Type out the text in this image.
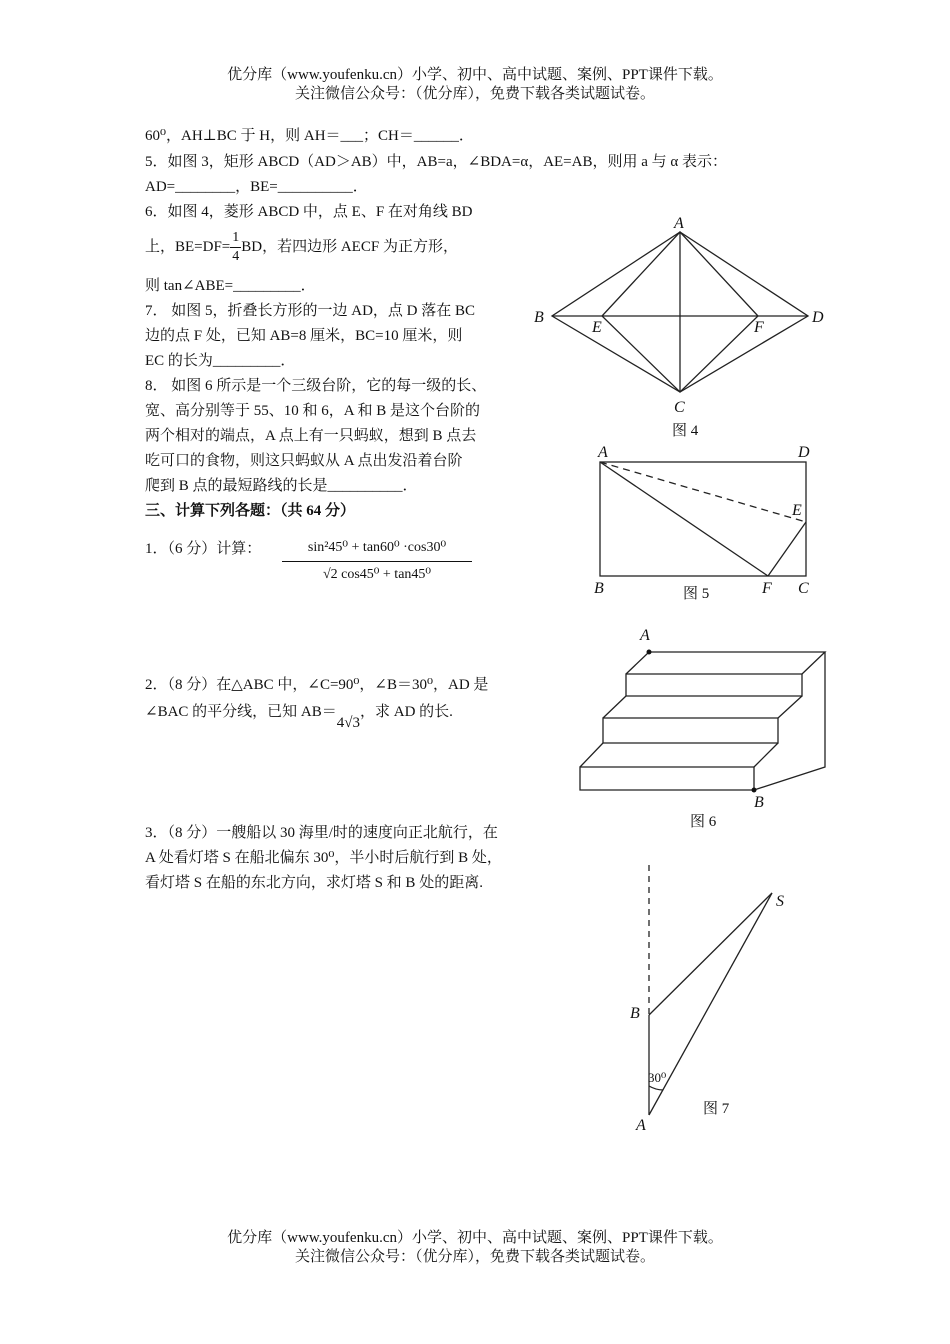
优分库（www.youfenku.cn）小学、初中、高中试题、案例、PPT课件下载。
关注微信公众号：（优分库），免费下载各类试题试卷。
60⁰，AH⊥BC 于 H，则 AH＝___；CH＝______．
5．如图 3，矩形 ABCD（AD＞AB）中，AB=a，∠BDA=α，AE=AB，则用 a 与 α 表示：
AD=________，BE=__________．
6．如图 4，菱形 ABCD 中，点 E、F 在对角线 BD
上，$BE=DF= \frac{1}{4}$ BD，若四边形 AECF 为正方形，
则 tan∠ABE=_________．
7． 如图 5，折叠长方形的一边 AD，点 D 落在 BC
边的点 F 处，已知 AB=8 厘米，BC=10 厘米，则
EC 的长为_________．
8． 如图 6 所示是一个三级台阶，它的每一级的长、
宽、高分别等于 55、10 和 6，A 和 B 是这个台阶的
两个相对的端点，A 点上有一只蚂蚁，想到 B 点去
吃可口的食物，则这只蚂蚁从 A 点出发沿着台阶
爬到 B 点的最短路线的长是__________．
三、计算下列各题：（共 64 分）
1．（6 分）计算： $\frac{\text{sin²45⁰ + tan60⁰ ·cos30⁰}}{\text{√2 cos45⁰ + tan45⁰}}$
2．（8 分）在△ABC 中，∠C=90⁰，∠B＝30⁰，AD 是
∠BAC 的平分线，已知 AB＝4√3，求 AD 的长.
3．（8 分）一艘船以 30 海里/时的速度向正北航行，在
A 处看灯塔 S 在船北偏东 30⁰，半小时后航行到 B 处，
看灯塔 S 在船的东北方向，求灯塔 S 和 B 处的距离.
A
B	D
E	F
C
图 4
A	D
E
B	F C
图 5
A
B
图 6
S
B
A
30⁰
图 7
优分库（www.youfenku.cn）小学、初中、高中试题、案例、PPT课件下载。
关注微信公众号：（优分库），免费下载各类试题试卷。
